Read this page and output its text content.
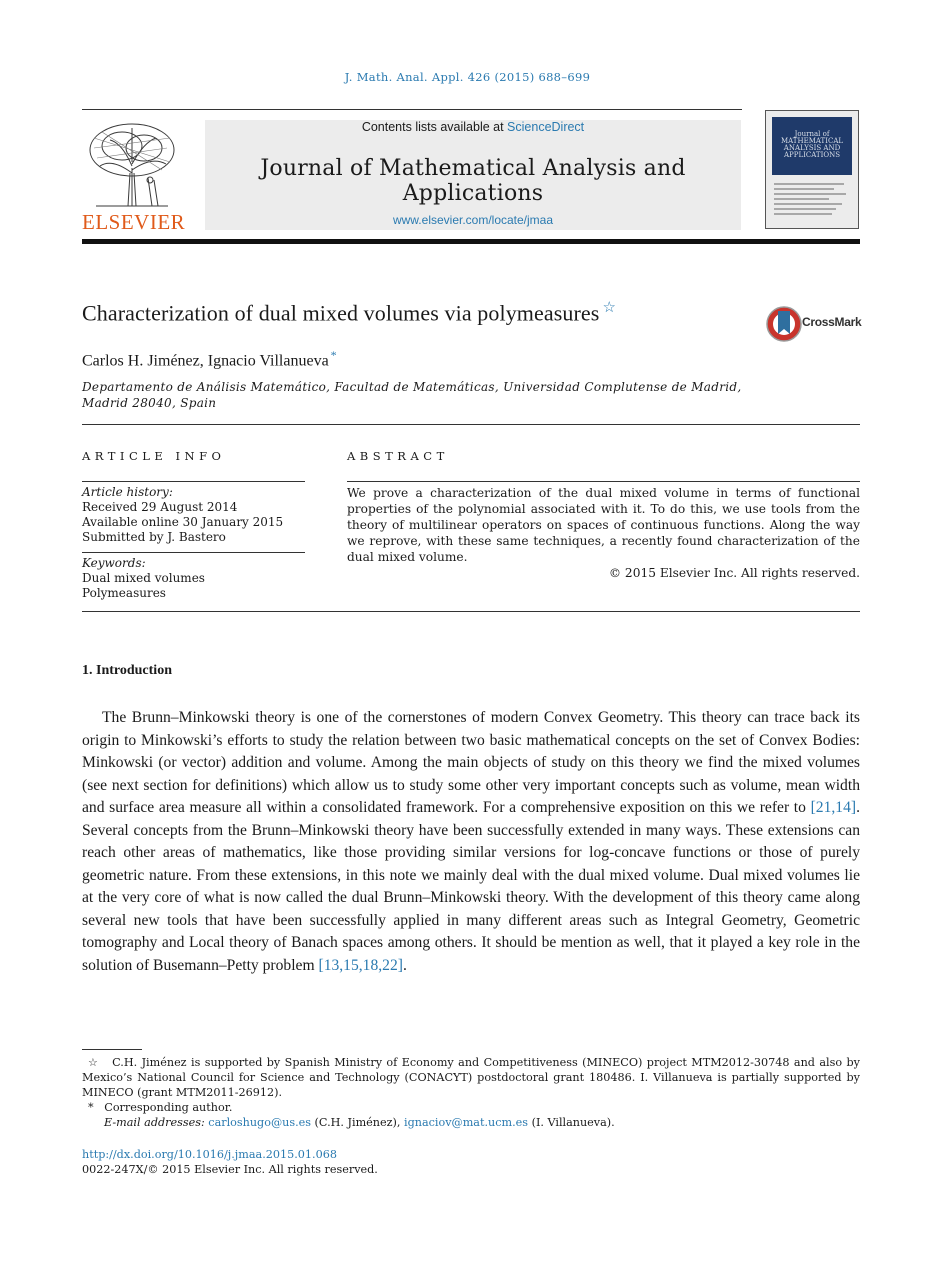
J. Math. Anal. Appl. 426 (2015) 688–699
ELSEVIER
Contents lists available at ScienceDirect
Journal of Mathematical Analysis and Applications
www.elsevier.com/locate/jmaa
Journal of MATHEMATICAL ANALYSIS AND APPLICATIONS
Characterization of dual mixed volumes via polymeasures ☆
CrossMark
Carlos H. Jiménez, Ignacio Villanueva *
Departamento de Análisis Matemático, Facultad de Matemáticas, Universidad Complutense de Madrid, Madrid 28040, Spain
ARTICLE INFO
Article history:
Received 29 August 2014
Available online 30 January 2015
Submitted by J. Bastero
Keywords:
Dual mixed volumes
Polymeasures
ABSTRACT
We prove a characterization of the dual mixed volume in terms of functional properties of the polynomial associated with it. To do this, we use tools from the theory of multilinear operators on spaces of continuous functions. Along the way we reprove, with these same techniques, a recently found characterization of the dual mixed volume.
© 2015 Elsevier Inc. All rights reserved.
1. Introduction
The Brunn–Minkowski theory is one of the cornerstones of modern Convex Geometry. This theory can trace back its origin to Minkowski’s efforts to study the relation between two basic mathematical concepts on the set of Convex Bodies: Minkowski (or vector) addition and volume. Among the main objects of study on this theory we find the mixed volumes (see next section for definitions) which allow us to study some other very important concepts such as volume, mean width and surface area measure all within a consolidated framework. For a comprehensive exposition on this we refer to [21,14]. Several concepts from the Brunn–Minkowski theory have been successfully extended in many ways. These extensions can reach other areas of mathematics, like those providing similar versions for log-concave functions or those of purely geometric nature. From these extensions, in this note we mainly deal with the dual mixed volume. Dual mixed volumes lie at the very core of what is now called the dual Brunn–Minkowski theory. With the development of this theory came along several new tools that have been successfully applied in many different areas such as Integral Geometry, Geometric tomography and Local theory of Banach spaces among others. It should be mention as well, that it played a key role in the solution of Busemann–Petty problem [13,15,18,22].

☆ C.H. Jiménez is supported by Spanish Ministry of Economy and Competitiveness (MINECO) project MTM2012-30748 and also by Mexico’s National Council for Science and Technology (CONACYT) postdoctoral grant 180486. I. Villanueva is partially supported by MINECO (grant MTM2011-26912).

* Corresponding author.

E-mail addresses: carloshugo@us.es (C.H. Jiménez), ignaciov@mat.ucm.es (I. Villanueva).

http://dx.doi.org/10.1016/j.jmaa.2015.01.068
0022-247X/© 2015 Elsevier Inc. All rights reserved.
